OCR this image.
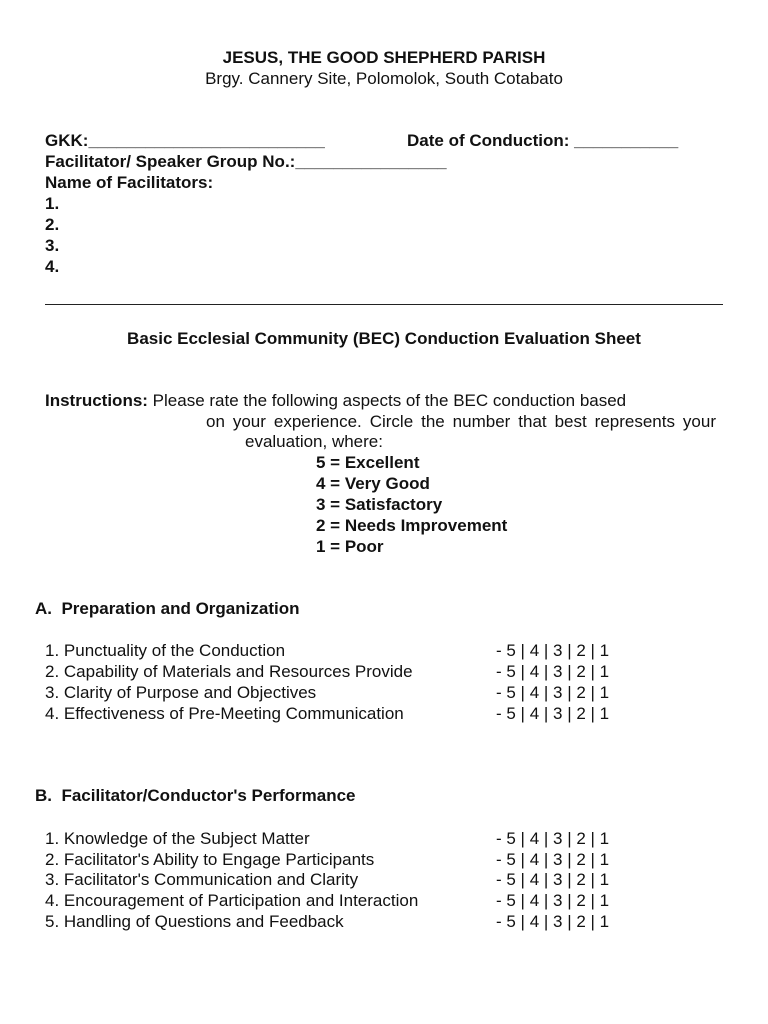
JESUS, THE GOOD SHEPHERD PARISH
Brgy. Cannery Site, Polomolok, South Cotabato
GKK:_________________________	Date of Conduction: ___________
Facilitator/ Speaker Group No.:________________
Name of Facilitators:
1.
2.
3.
4.
Basic Ecclesial Community (BEC) Conduction Evaluation Sheet
Instructions: Please rate the following aspects of the BEC conduction based
on your experience. Circle the number that best represents your
evaluation, where:
5 = Excellent
4 = Very Good
3 = Satisfactory
2 = Needs Improvement
1 = Poor
A.  Preparation and Organization
1. Punctuality of the Conduction	- 5 | 4 | 3 | 2 | 1
2. Capability of Materials and Resources Provide	- 5 | 4 | 3 | 2 | 1
3. Clarity of Purpose and Objectives	- 5 | 4 | 3 | 2 | 1
4. Effectiveness of Pre-Meeting Communication	- 5 | 4 | 3 | 2 | 1
B.  Facilitator/Conductor's Performance
1. Knowledge of the Subject Matter	- 5 | 4 | 3 | 2 | 1
2. Facilitator's Ability to Engage Participants	- 5 | 4 | 3 | 2 | 1
3. Facilitator's Communication and Clarity	- 5 | 4 | 3 | 2 | 1
4. Encouragement of Participation and Interaction	- 5 | 4 | 3 | 2 | 1
5. Handling of Questions and Feedback	- 5 | 4 | 3 | 2 | 1
